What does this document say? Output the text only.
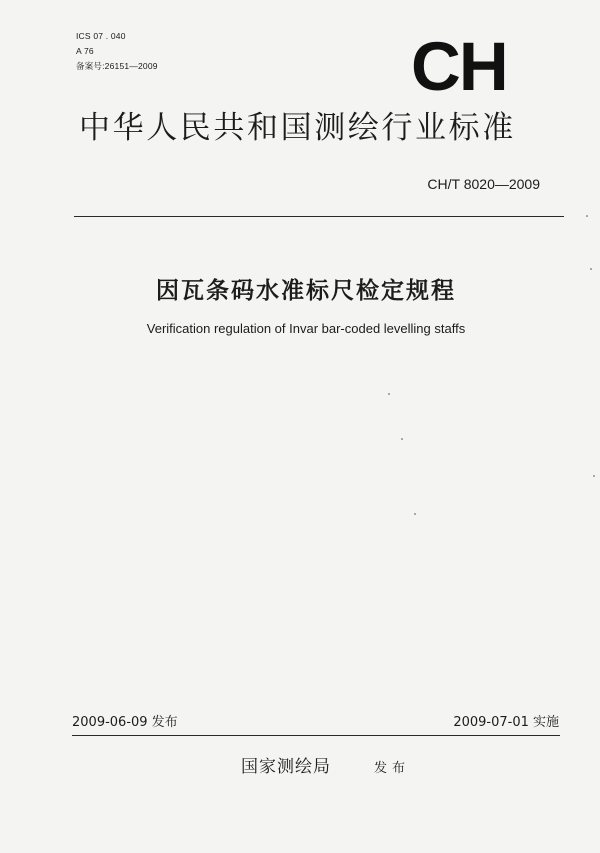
ICS 07 . 040
A 76
备案号:26151—2009	CH
中华人民共和国测绘行业标准
CH/T 8020—2009
因瓦条码水准标尺检定规程
Verification regulation of Invar bar-coded levelling staffs
2009-06-09 发布	2009-07-01 实施
国家测绘局	发布
